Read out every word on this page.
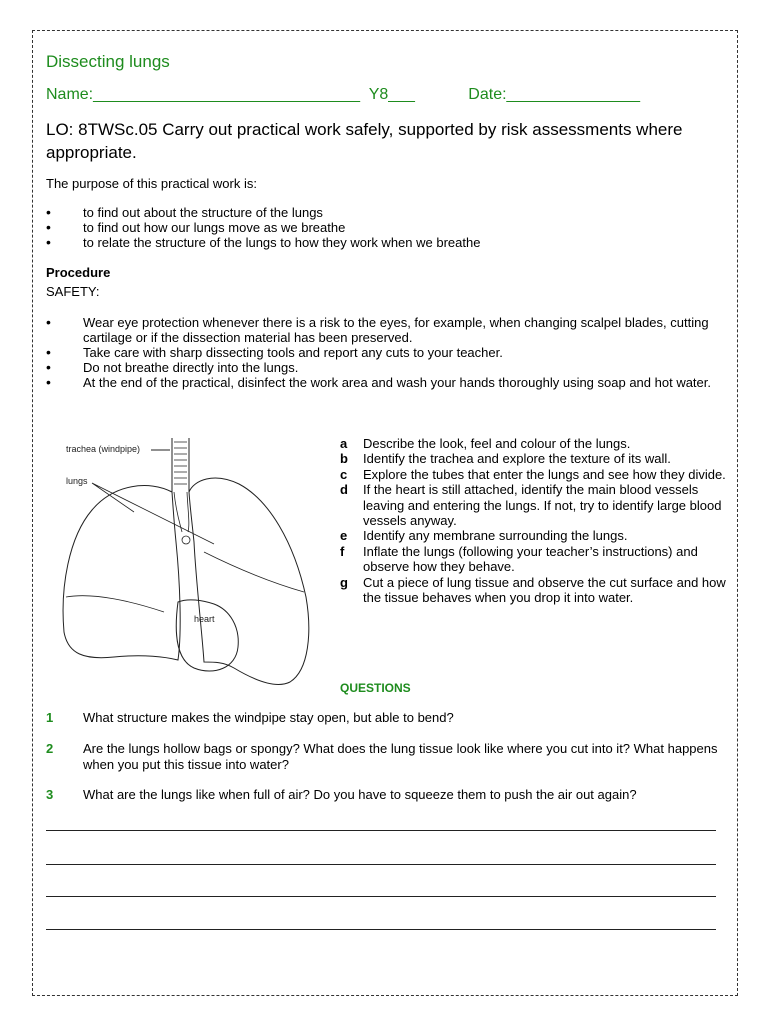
Dissecting lungs
Name:______________________________ Y8___	Date:_______________
LO: 8TWSc.05 Carry out practical work safely, supported by risk assessments where appropriate.
The purpose of this practical work is:
• to find out about the structure of the lungs
• to find out how our lungs move as we breathe
• to relate the structure of the lungs to how they work when we breathe
Procedure
SAFETY:
• Wear eye protection whenever there is a risk to the eyes, for example, when changing scalpel blades, cutting cartilage or if the dissection material has been preserved.
• Take care with sharp dissecting tools and report any cuts to your teacher.
• Do not breathe directly into the lungs.
• At the end of the practical, disinfect the work area and wash your hands thoroughly using soap and hot water.
trachea (windpipe)
lungs
heart
a Describe the look, feel and colour of the lungs.
b Identify the trachea and explore the texture of its wall.
c Explore the tubes that enter the lungs and see how they divide.
d If the heart is still attached, identify the main blood vessels leaving and entering the lungs. If not, try to identify large blood vessels anyway.
e Identify any membrane surrounding the lungs.
f Inflate the lungs (following your teacher’s instructions) and observe how they behave.
g Cut a piece of lung tissue and observe the cut surface and how the tissue behaves when you drop it into water.
QUESTIONS
1	What structure makes the windpipe stay open, but able to bend?
2	Are the lungs hollow bags or spongy? What does the lung tissue look like where you cut into it? What happens when you put this tissue into water?
3	What are the lungs like when full of air? Do you have to squeeze them to push the air out again?
